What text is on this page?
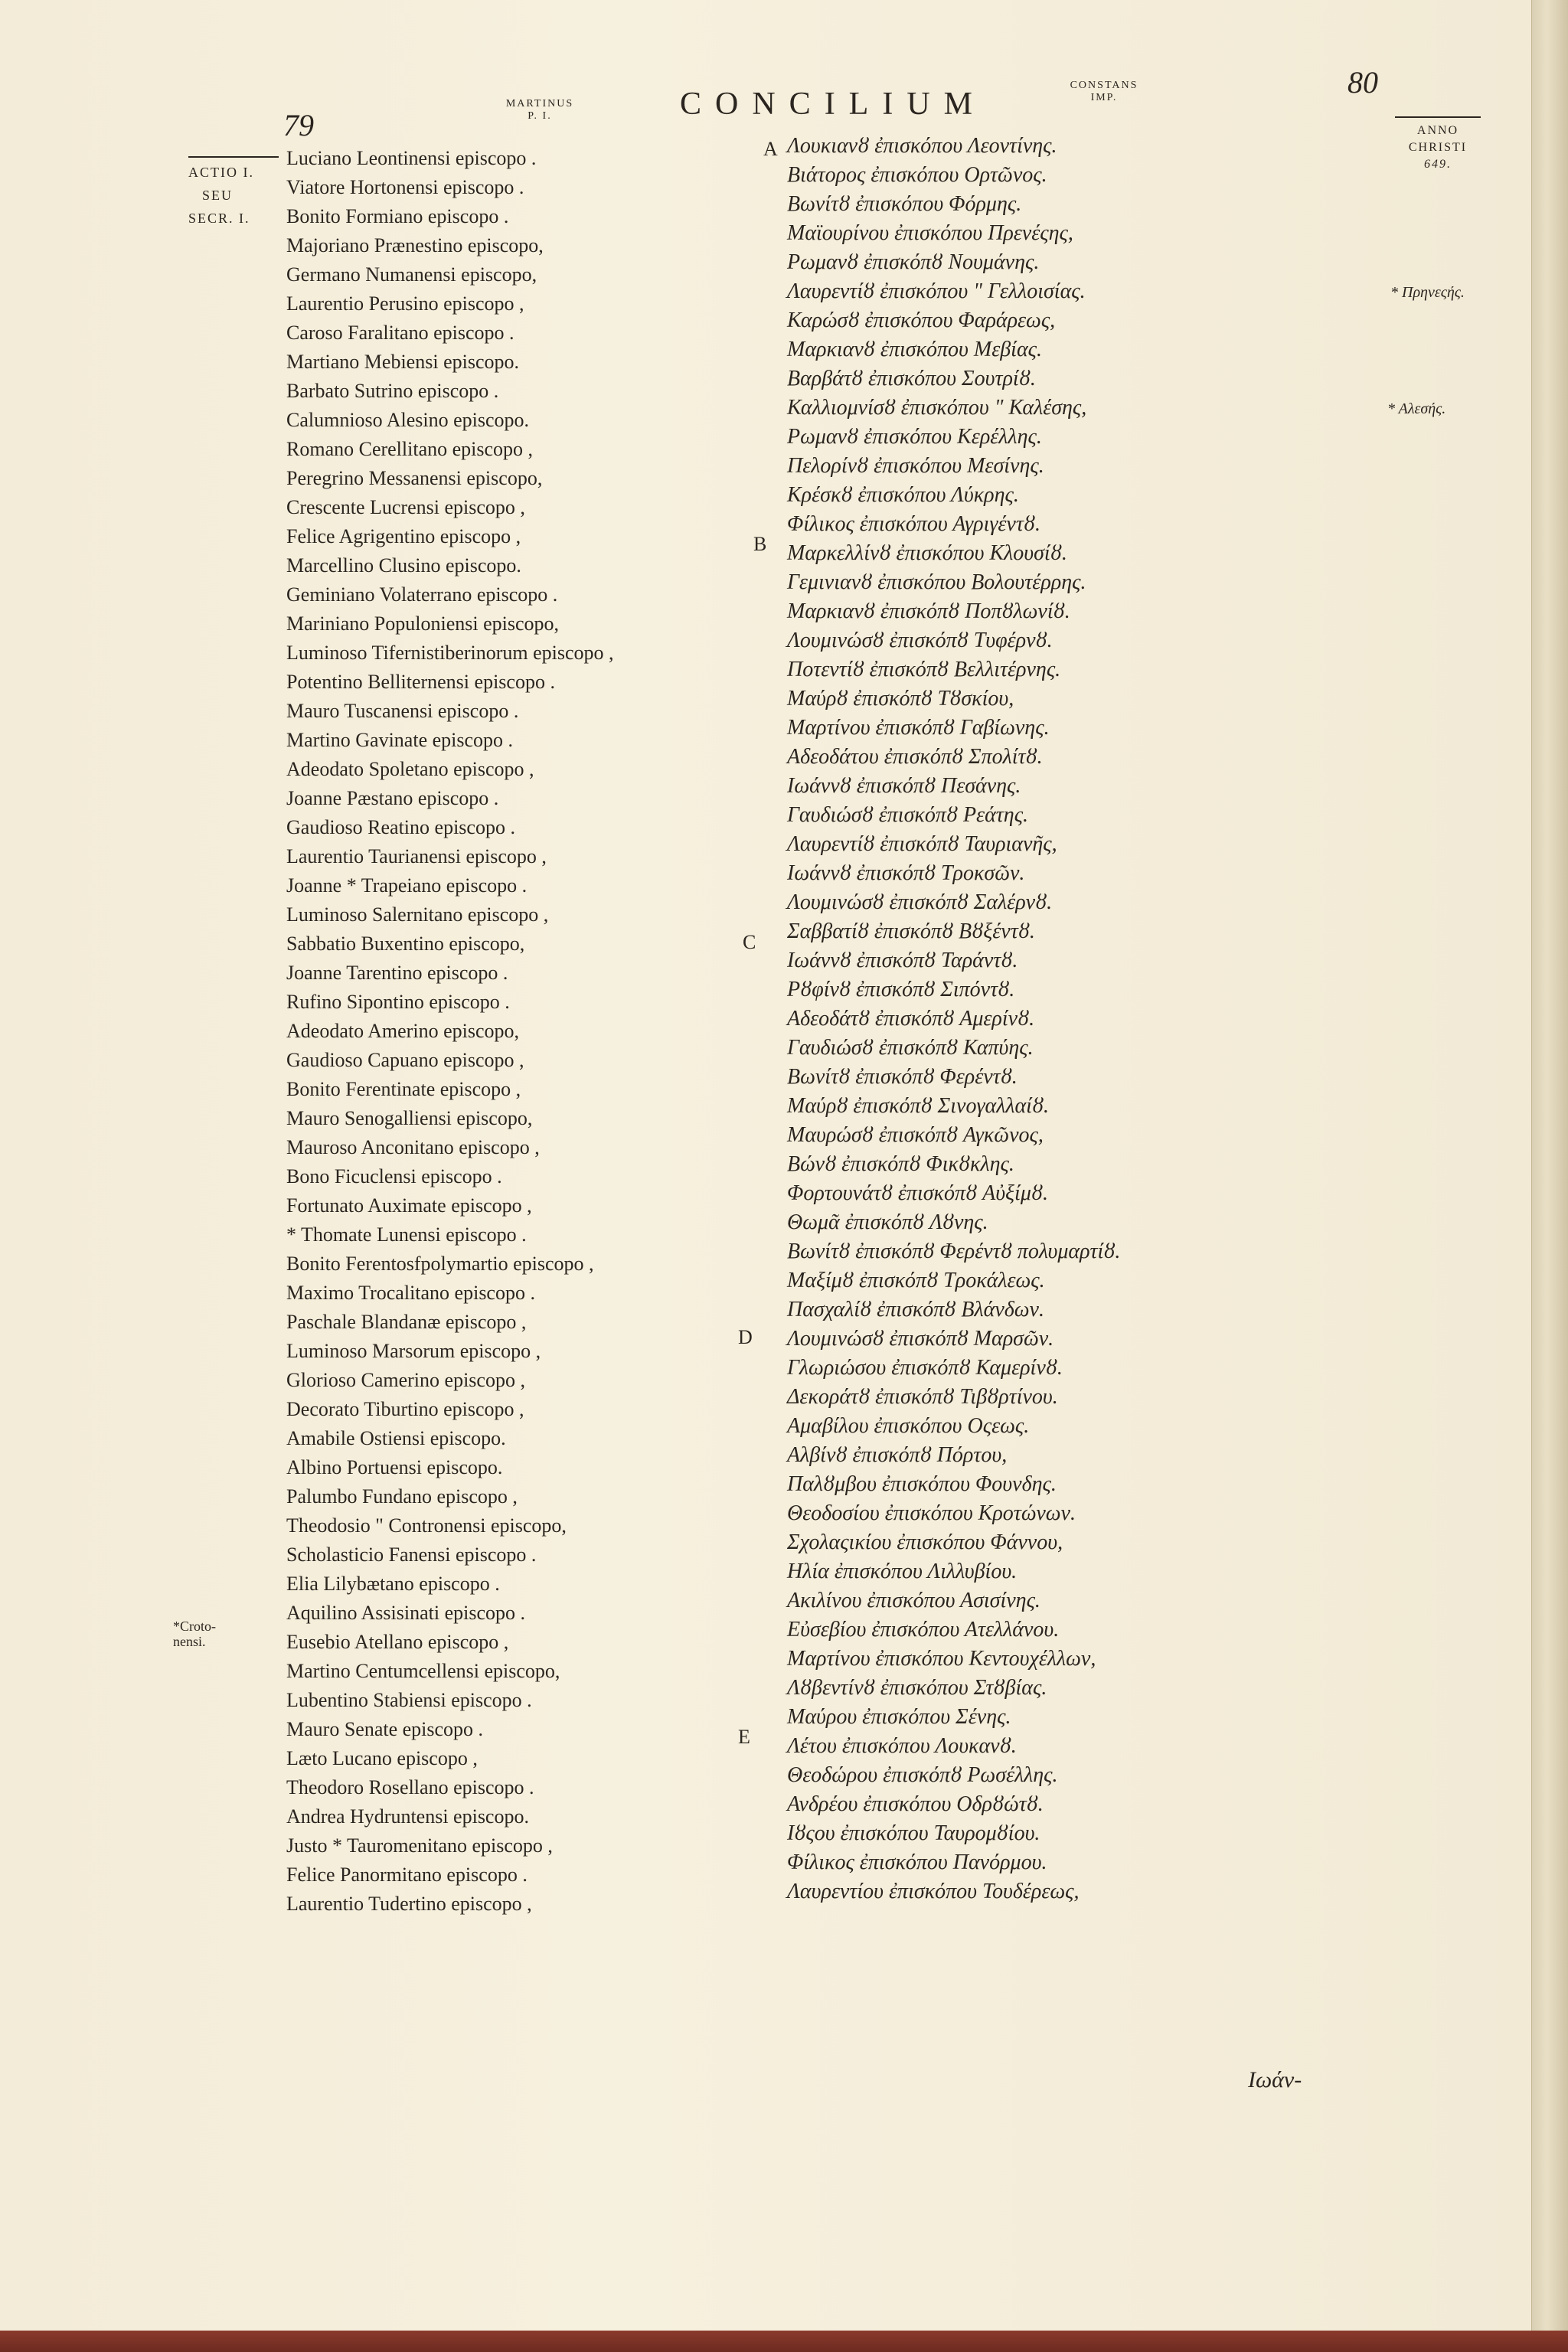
79
MARTINUS
P. I.	CONCILIUM
CONSTANS
IMP.	80
ANNO
CHRISTI
649.
ACTIO I.
SEU
SECR. I.
*Croto-
nensi.
* Πρηνεςής.
* Αλεσής.
A
B
C
D
E
Luciano Leontinensi episcopo .
Viatore Hortonensi episcopo .
Bonito Formiano episcopo .
Majoriano Prænestino episcopo,
Germano Numanensi episcopo,
Laurentio Perusino episcopo ,
Caroso Faralitano episcopo .
Martiano Mebiensi episcopo.
Barbato Sutrino episcopo .
Calumnioso Alesino episcopo.
Romano Cerellitano episcopo ,
Peregrino Messanensi episcopo,
Crescente Lucrensi episcopo ,
Felice Agrigentino episcopo ,
Marcellino Clusino episcopo.
Geminiano Volaterrano episcopo .
Mariniano Populoniensi episcopo,
Luminoso Tifernistiberinorum episcopo ,
Potentino Belliternensi episcopo .
Mauro Tuscanensi episcopo .
Martino Gavinate episcopo .
Adeodato Spoletano episcopo ,
Joanne Pæstano episcopo .
Gaudioso Reatino episcopo .
Laurentio Taurianensi episcopo ,
Joanne * Trapeiano episcopo .
Luminoso Salernitano episcopo ,
Sabbatio Buxentino episcopo,
Joanne Tarentino episcopo .
Rufino Sipontino episcopo .
Adeodato Amerino episcopo,
Gaudioso Capuano episcopo ,
Bonito Ferentinate episcopo ,
Mauro Senogalliensi episcopo,
Mauroso Anconitano episcopo ,
Bono Ficuclensi episcopo .
Fortunato Auximate episcopo ,
* Thomate Lunensi episcopo .
Bonito Ferentosfpolymartio episcopo ,
Maximo Trocalitano episcopo .
Paschale Blandanæ episcopo ,
Luminoso Marsorum episcopo ,
Glorioso Camerino episcopo ,
Decorato Tiburtino episcopo ,
Amabile Ostiensi episcopo.
Albino Portuensi episcopo.
Palumbo Fundano episcopo ,
Theodosio " Contronensi episcopo,
Scholasticio Fanensi episcopo .
Elia Lilybætano episcopo .
Aquilino Assisinati episcopo .
Eusebio Atellano episcopo ,
Martino Centumcellensi episcopo,
Lubentino Stabiensi episcopo .
Mauro Senate episcopo .
Læto Lucano episcopo ,
Theodoro Rosellano episcopo .
Andrea Hydruntensi episcopo.
Justo * Tauromenitano episcopo ,
Felice Panormitano episcopo .
Laurentio Tudertino episcopo ,
Λουκιανȣ ἐπισκόπου Λεοντίνης.
Βιάτορος ἐπισκόπου Ορτῶνος.
Βωνίτȣ ἐπισκόπου Φόρμης.
Μαϊουρίνου ἐπισκόπου Πρενέςης,
Ρωμανȣ ἐπισκόπȣ Νουμάνης.
Λαυρεντίȣ ἐπισκόπου " Γελλοισίας.
Καρώσȣ ἐπισκόπου Φαράρεως,
Μαρκιανȣ ἐπισκόπου Μεβίας.
Βαρβάτȣ ἐπισκόπου Σουτρίȣ.
Καλλιομνίσȣ ἐπισκόπου " Καλέσης,
Ρωμανȣ ἐπισκόπου Κερέλλης.
Πελορίνȣ ἐπισκόπου Μεσίνης.
Κρέσκȣ ἐπισκόπου Λύκρης.
Φίλικος ἐπισκόπου Αγριγέντȣ.
Μαρκελλίνȣ ἐπισκόπου Κλουσίȣ.
Γεμινιανȣ ἐπισκόπου Βολουτέρρης.
Μαρκιανȣ ἐπισκόπȣ Ποπȣλωνίȣ.
Λουμινώσȣ ἐπισκόπȣ Τυφέρνȣ.
Ποτεντίȣ ἐπισκόπȣ Βελλιτέρνης.
Μαύρȣ ἐπισκόπȣ Τȣσκίου,
Μαρτίνου ἐπισκόπȣ Γαβίωνης.
Αδεοδάτου ἐπισκόπȣ Σπολίτȣ.
Ιωάννȣ ἐπισκόπȣ Πεσάνης.
Γαυδιώσȣ ἐπισκόπȣ Ρεάτης.
Λαυρεντίȣ ἐπισκόπȣ Ταυριανῆς,
Ιωάννȣ ἐπισκόπȣ Τροκσῶν.
Λουμινώσȣ ἐπισκόπȣ Σαλέρνȣ.
Σαββατίȣ ἐπισκόπȣ Βȣξέντȣ.
Ιωάννȣ ἐπισκόπȣ Ταράντȣ.
Ρȣφίνȣ ἐπισκόπȣ Σιπόντȣ.
Αδεοδάτȣ ἐπισκόπȣ Αμερίνȣ.
Γαυδιώσȣ ἐπισκόπȣ Καπύης.
Βωνίτȣ ἐπισκόπȣ Φερέντȣ.
Μαύρȣ ἐπισκόπȣ Σινογαλλαίȣ.
Μαυρώσȣ ἐπισκόπȣ Αγκῶνος,
Βώνȣ ἐπισκόπȣ Φικȣκλης.
Φορτουνάτȣ ἐπισκόπȣ Αὐξίμȣ.
Θωμᾶ ἐπισκόπȣ Λȣνης.
Βωνίτȣ ἐπισκόπȣ Φερέντȣ πολυμαρτίȣ.
Μαξίμȣ ἐπισκόπȣ Τροκάλεως.
Πασχαλίȣ ἐπισκόπȣ Βλάνδων.
Λουμινώσȣ ἐπισκόπȣ Μαρσῶν.
Γλωριώσου ἐπισκόπȣ Καμερίνȣ.
Δεκοράτȣ ἐπισκόπȣ Τιβȣρτίνου.
Αμαβίλου ἐπισκόπου Οςεως.
Αλβίνȣ ἐπισκόπȣ Πόρτου,
Παλȣμβου ἐπισκόπου Φουνδης.
Θεοδοσίου ἐπισκόπου Κροτώνων.
Σχολαςικίου ἐπισκόπου Φάννου,
Ηλία ἐπισκόπου Λιλλυβίου.
Ακιλίνου ἐπισκόπου Ασισίνης.
Εὐσεβίου ἐπισκόπου Ατελλάνου.
Μαρτίνου ἐπισκόπου Κεντουχέλλων,
Λȣβεντίνȣ ἐπισκόπου Στȣβίας.
Μαύρου ἐπισκόπου Σένης.
Λέτου ἐπισκόπου Λουκανȣ.
Θεοδώρου ἐπισκόπȣ Ρωσέλλης.
Ανδρέου ἐπισκόπου Οδρȣώτȣ.
Ιȣςου ἐπισκόπου Ταυρομȣίου.
Φίλικος ἐπισκόπου Πανόρμου.
Λαυρεντίου ἐπισκόπου Τουδέρεως,
Ιωάν-
